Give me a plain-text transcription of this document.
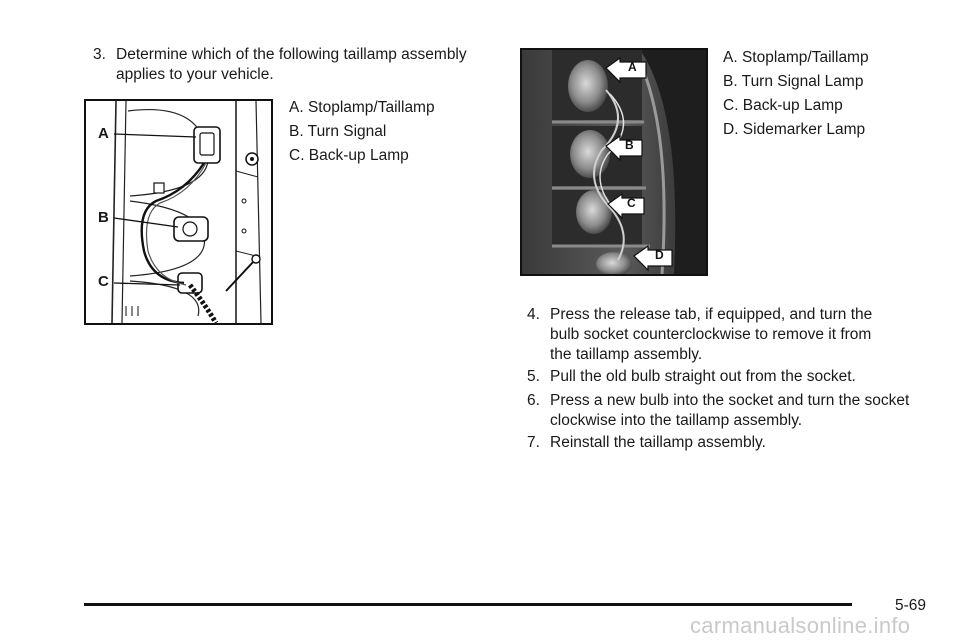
3. Determine which of the following taillamp assembly
applies to your vehicle.
A
B
C
A. Stoplamp/Taillamp
B. Turn Signal
C. Back-up Lamp
A
B
C
D
A. Stoplamp/Taillamp
B. Turn Signal Lamp
C. Back-up Lamp
D. Sidemarker Lamp
4. Press the release tab, if equipped, and turn the
bulb socket counterclockwise to remove it from
the taillamp assembly.
5. Pull the old bulb straight out from the socket.
6. Press a new bulb into the socket and turn the socket
clockwise into the taillamp assembly.
7. Reinstall the taillamp assembly.
5-69
carmanualsonline.info
